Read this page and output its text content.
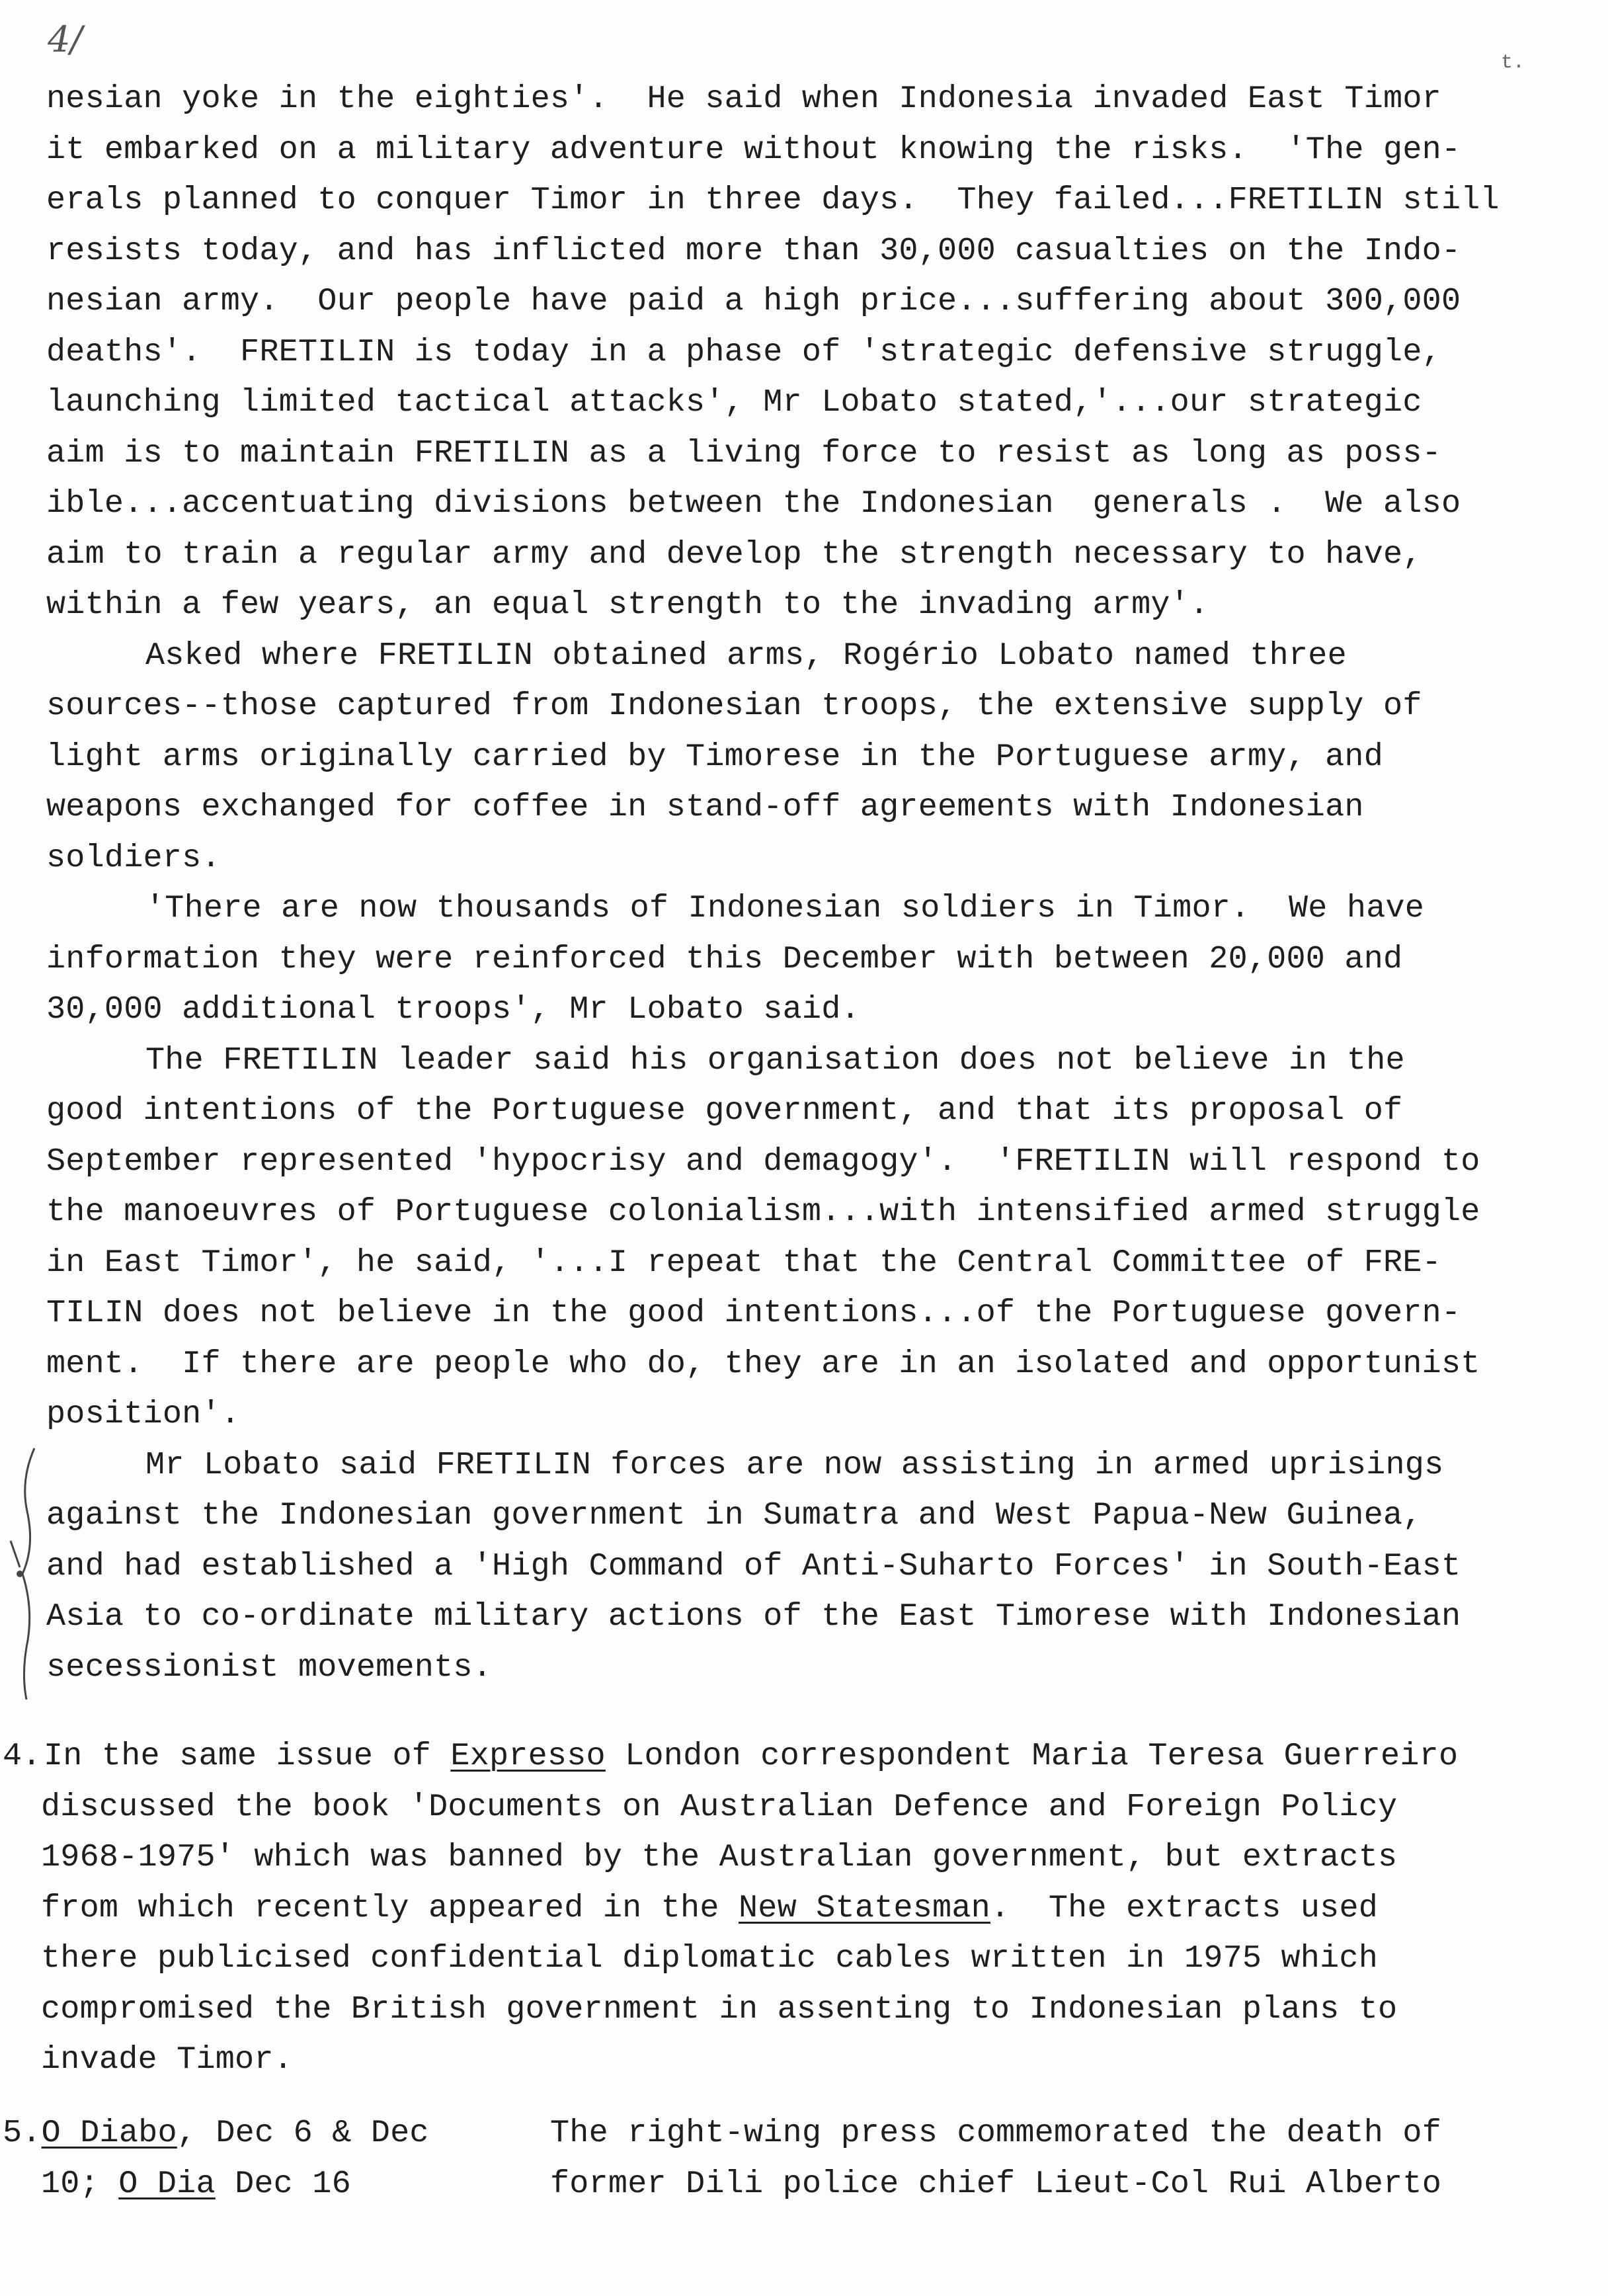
4/
t.
nesian yoke in the eighties'.  He said when Indonesia invaded East Timor
it embarked on a military adventure without knowing the risks.  'The gen-
erals planned to conquer Timor in three days.  They failed...FRETILIN still
resists today, and has inflicted more than 30,000 casualties on the Indo-
nesian army.  Our people have paid a high price...suffering about 300,000
deaths'.  FRETILIN is today in a phase of 'strategic defensive struggle,
launching limited tactical attacks', Mr Lobato stated,'...our strategic
aim is to maintain FRETILIN as a living force to resist as long as poss-
ible...accentuating divisions between the Indonesian  generals .  We also
aim to train a regular army and develop the strength necessary to have,
within a few years, an equal strength to the invading army'.
Asked where FRETILIN obtained arms, Rogério Lobato named three
sources--those captured from Indonesian troops, the extensive supply of
light arms originally carried by Timorese in the Portuguese army, and
weapons exchanged for coffee in stand-off agreements with Indonesian
soldiers.
'There are now thousands of Indonesian soldiers in Timor.  We have
information they were reinforced this December with between 20,000 and
30,000 additional troops', Mr Lobato said.
The FRETILIN leader said his organisation does not believe in the
good intentions of the Portuguese government, and that its proposal of
September represented 'hypocrisy and demagogy'.  'FRETILIN will respond to
the manoeuvres of Portuguese colonialism...with intensified armed struggle
in East Timor', he said, '...I repeat that the Central Committee of FRE-
TILIN does not believe in the good intentions...of the Portuguese govern-
ment.  If there are people who do, they are in an isolated and opportunist
position'.
Mr Lobato said FRETILIN forces are now assisting in armed uprisings
against the Indonesian government in Sumatra and West Papua-New Guinea,
and had established a 'High Command of Anti-Suharto Forces' in South-East
Asia to co-ordinate military actions of the East Timorese with Indonesian
secessionist movements.
4.In the same issue of Expresso London correspondent Maria Teresa Guerreiro
discussed the book 'Documents on Australian Defence and Foreign Policy
1968-1975' which was banned by the Australian government, but extracts
from which recently appeared in the New Statesman.  The extracts used
there publicised confidential diplomatic cables written in 1975 which
compromised the British government in assenting to Indonesian plans to
invade Timor.
5.O Diabo, Dec 6 & Dec
10; O Dia Dec 16
The right-wing press commemorated the death of
former Dili police chief Lieut-Col Rui Alberto
